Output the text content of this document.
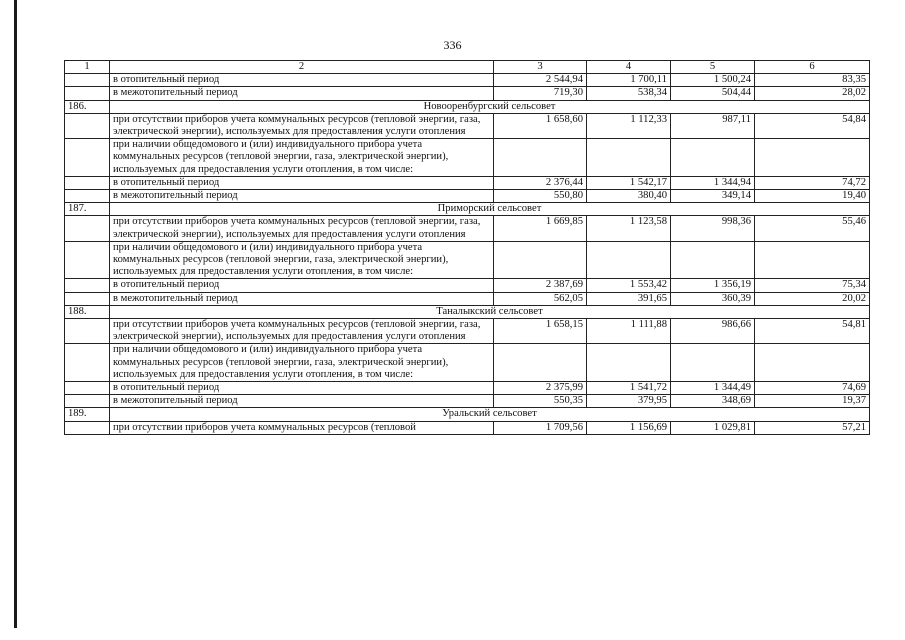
336
1	2	3	4	5	6
	в отопительный период	2 544,94	1 700,11	1 500,24	83,35
	в межотопительный период	719,30	538,34	504,44	28,02
186.	Новооренбургский сельсовет				
	при отсутствии приборов учета коммунальных ресурсов (тепловой энергии, газа, электрической энергии), используемых для предоставления услуги отопления	1 658,60	1 112,33	987,11	54,84
	при наличии общедомового и (или) индивидуального прибора учета коммунальных ресурсов (тепловой энергии, газа, электрической энергии), используемых для предоставления услуги отопления, в том числе:				
	в отопительный период	2 376,44	1 542,17	1 344,94	74,72
	в межотопительный период	550,80	380,40	349,14	19,40
187.	Приморский сельсовет				
	при отсутствии приборов учета коммунальных ресурсов (тепловой энергии, газа, электрической энергии), используемых для предоставления услуги отопления	1 669,85	1 123,58	998,36	55,46
	при наличии общедомового и (или) индивидуального прибора учета коммунальных ресурсов (тепловой энергии, газа, электрической энергии), используемых для предоставления услуги отопления, в том числе:				
	в отопительный период	2 387,69	1 553,42	1 356,19	75,34
	в межотопительный период	562,05	391,65	360,39	20,02
188.	Таналыкский сельсовет				
	при отсутствии приборов учета коммунальных ресурсов (тепловой энергии, газа, электрической энергии), используемых для предоставления услуги отопления	1 658,15	1 111,88	986,66	54,81
	при наличии общедомового и (или) индивидуального прибора учета коммунальных ресурсов (тепловой энергии, газа, электрической энергии), используемых для предоставления услуги отопления, в том числе:				
	в отопительный период	2 375,99	1 541,72	1 344,49	74,69
	в межотопительный период	550,35	379,95	348,69	19,37
189.	Уральский сельсовет				
	при отсутствии приборов учета коммунальных ресурсов (тепловой	1 709,56	1 156,69	1 029,81	57,21
